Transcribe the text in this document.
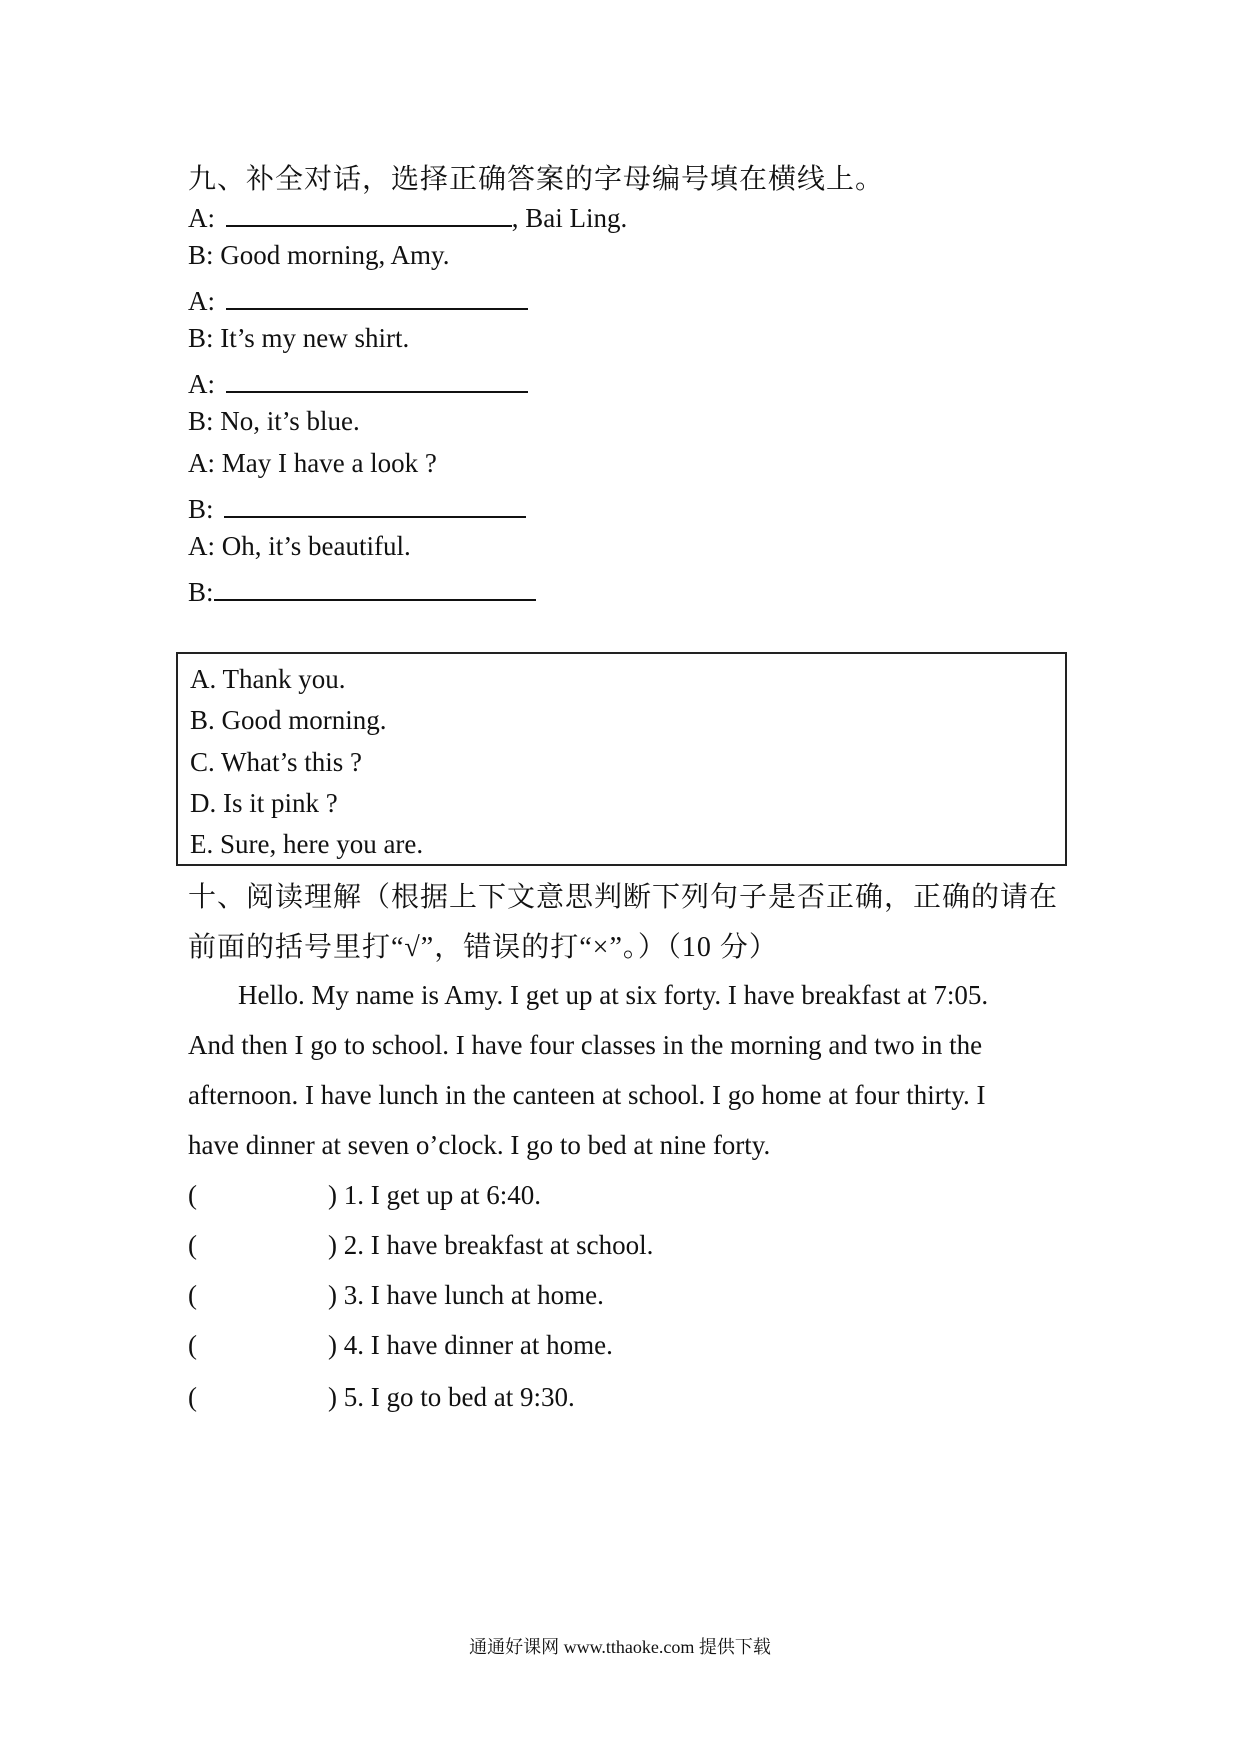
九、补全对话，选择正确答案的字母编号填在横线上。
A:	, Bai Ling.
B: Good morning, Amy.
A:
B: It’s my new shirt.
A:
B: No, it’s blue.
A: May I have a look ?
B:
A: Oh, it’s beautiful.
B:
A. Thank you.
B. Good morning.
C. What’s this ?
D. Is it pink ?
E. Sure, here you are.
十、阅读理解（根据上下文意思判断下列句子是否正确，正确的请在
前面的括号里打“√”，错误的打“×”。）（10 分）
Hello. My name is Amy. I get up at six forty. I have breakfast at 7:05.
And then I go to school. I have four classes in the morning and two in the
afternoon. I have lunch in the canteen at school. I go home at four thirty. I
have dinner at seven o’clock. I go to bed at nine forty.
(	) 1. I get up at 6:40.
(	) 2. I have breakfast at school.
(	) 3. I have lunch at home.
(	) 4. I have dinner at home.
(	) 5. I go to bed at 9:30.
通通好课网 www.tthaoke.com 提供下载
